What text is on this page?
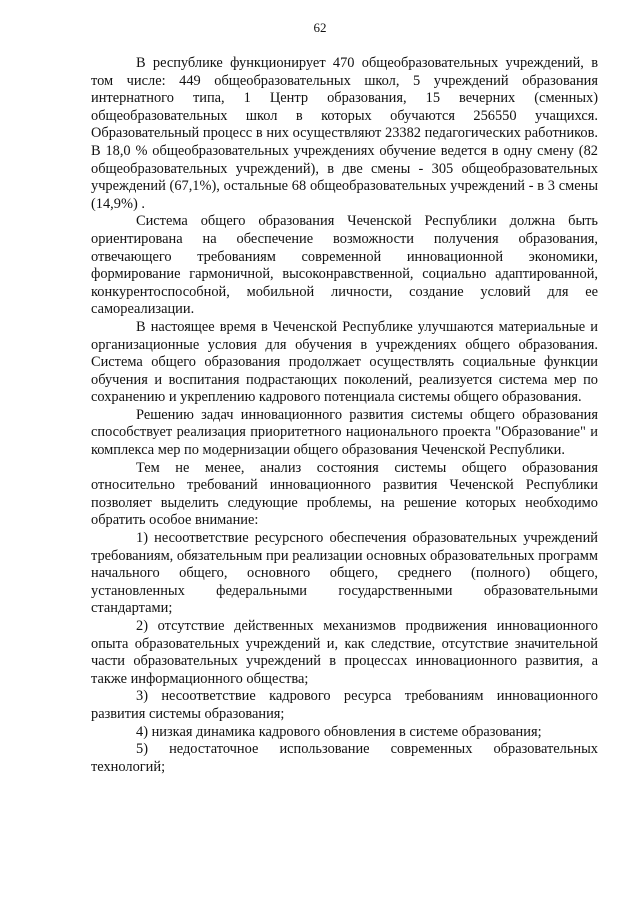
62

В республике функционирует 470 общеобразовательных учреждений, в том числе: 449 общеобразовательных школ, 5 учреждений образования интернатного типа, 1 Центр образования, 15 вечерних (сменных) общеобразовательных школ в которых обучаются 256550 учащихся. Образовательный процесс в них осуществляют 23382 педагогических работников. В 18,0 % общеобразовательных учреждениях обучение ведется в одну смену (82 общеобразовательных учреждений), в две смены - 305 общеобразовательных учреждений (67,1%), остальные 68 общеобразовательных учреждений - в 3 смены (14,9%) .

Система общего образования Чеченской Республики должна быть ориентирована на обеспечение возможности получения образования, отвечающего требованиям современной инновационной экономики, формирование гармоничной, высоконравственной, социально адаптированной, конкурентоспособной, мобильной личности, создание условий для ее самореализации.

В настоящее время в Чеченской Республике улучшаются материальные и организационные условия для обучения в учреждениях общего образования. Система общего образования продолжает осуществлять социальные функции обучения и воспитания подрастающих поколений, реализуется система мер по сохранению и укреплению кадрового потенциала системы общего образования.

Решению задач инновационного развития системы общего образования способствует реализация приоритетного национального проекта "Образование" и комплекса мер по модернизации общего образования Чеченской Республики.

Тем не менее, анализ состояния системы общего образования относительно требований инновационного развития Чеченской Республики позволяет выделить следующие проблемы, на решение которых необходимо обратить особое внимание:

1) несоответствие ресурсного обеспечения образовательных учреждений требованиям, обязательным при реализации основных образовательных программ начального общего, основного общего, среднего (полного) общего, установленных федеральными государственными образовательными стандартами;

2) отсутствие действенных механизмов продвижения инновационного опыта образовательных учреждений и, как следствие, отсутствие значительной части образовательных учреждений в процессах инновационного развития, а также информационного общества;

3) несоответствие кадрового ресурса требованиям инновационного развития системы образования;

4) низкая динамика кадрового обновления в системе образования;

5) недостаточное использование современных образовательных технологий;
